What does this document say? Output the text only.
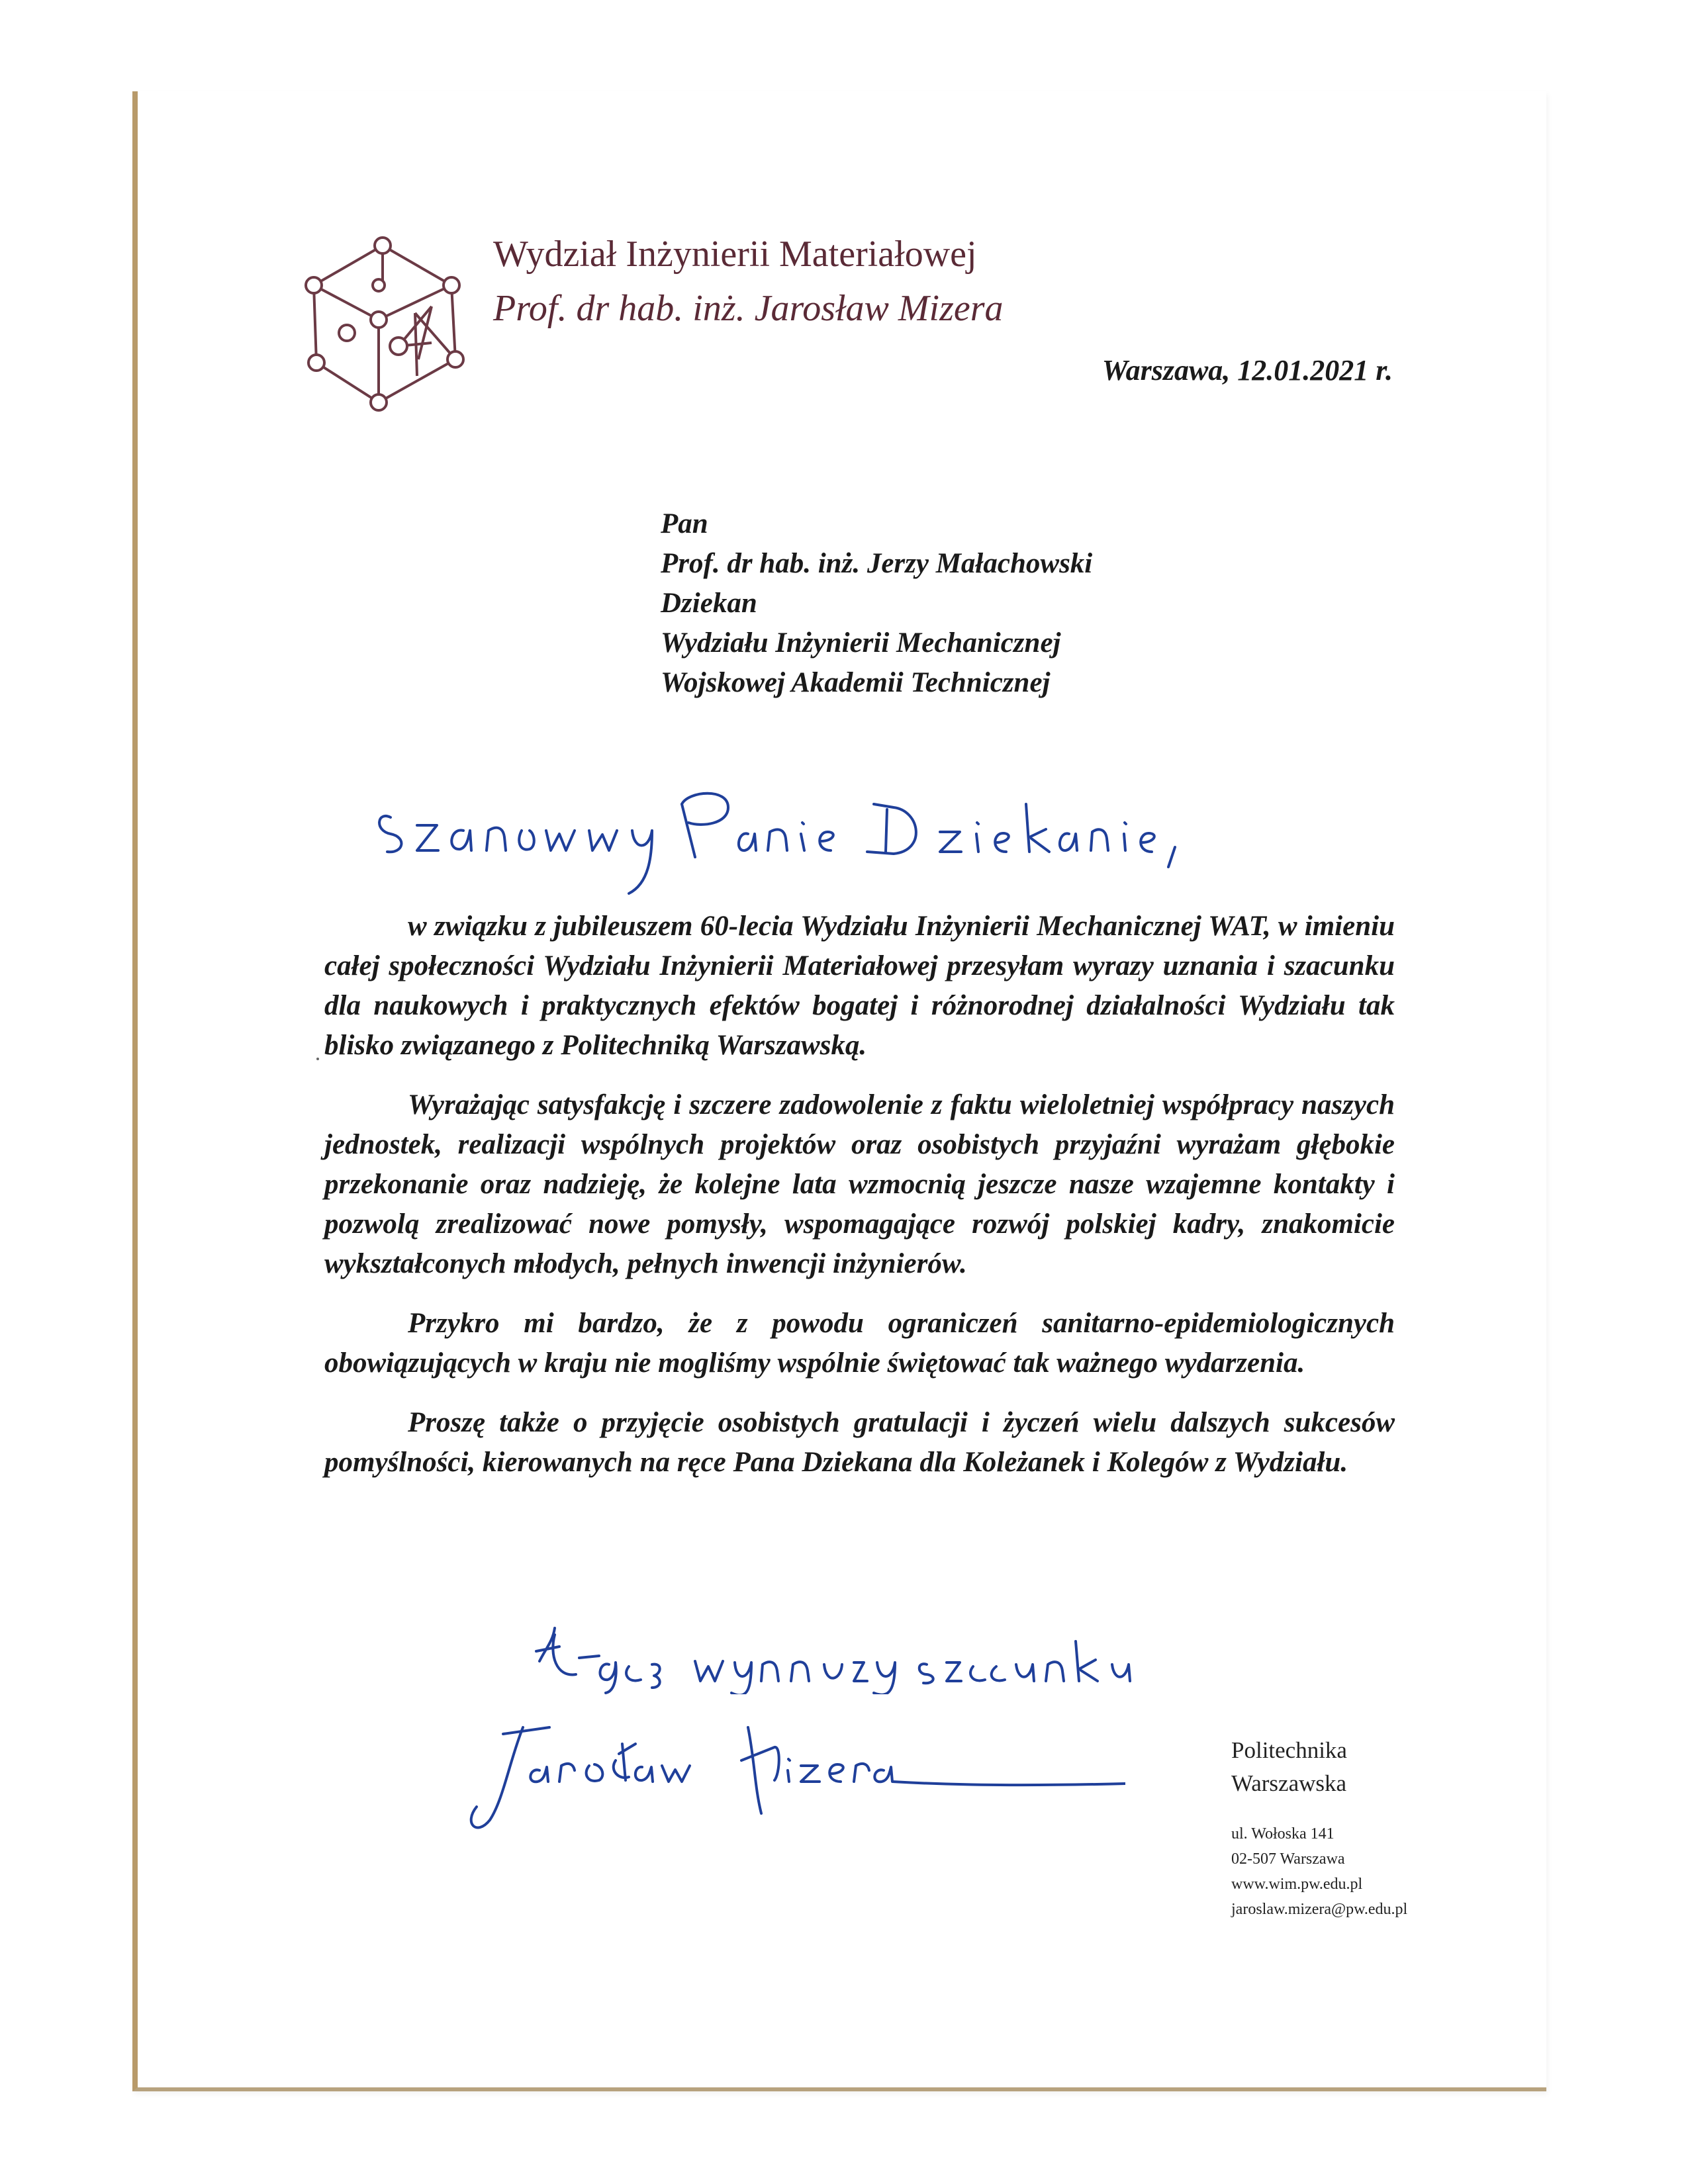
Wydział Inżynierii Materiałowej
Prof. dr hab. inż. Jarosław Mizera
Warszawa, 12.01.2021 r.
Pan
Prof. dr hab. inż. Jerzy Małachowski
Dziekan
Wydziału Inżynierii Mechanicznej
Wojskowej Akademii Technicznej

w związku z jubileuszem 60-lecia Wydziału Inżynierii Mechanicznej WAT, w imieniu całej społeczności Wydziału Inżynierii Materiałowej przesyłam wyrazy uznania i szacunku dla naukowych i praktycznych efektów bogatej i różnorodnej działalności Wydziału tak blisko związanego z Politechniką Warszawską.

Wyrażając satysfakcję i szczere zadowolenie z faktu wieloletniej współpracy naszych jednostek, realizacji wspólnych projektów oraz osobistych przyjaźni wyrażam głębokie przekonanie oraz nadzieję, że kolejne lata wzmocnią jeszcze nasze wzajemne kontakty i pozwolą zrealizować nowe pomysły, wspomagające rozwój polskiej kadry, znakomicie wykształconych młodych, pełnych inwencji inżynierów.

Przykro mi bardzo, że z powodu ograniczeń sanitarno-epidemiologicznych obowiązujących w kraju nie mogliśmy wspólnie świętować tak ważnego wydarzenia.

Proszę także o przyjęcie osobistych gratulacji i życzeń wielu dalszych sukcesów pomyślności, kierowanych na ręce Pana Dziekana dla Koleżanek i Kolegów z Wydziału.

Politechnika
Warszawska
ul. Wołoska 141
02-507 Warszawa
www.wim.pw.edu.pl
jaroslaw.mizera@pw.edu.pl
